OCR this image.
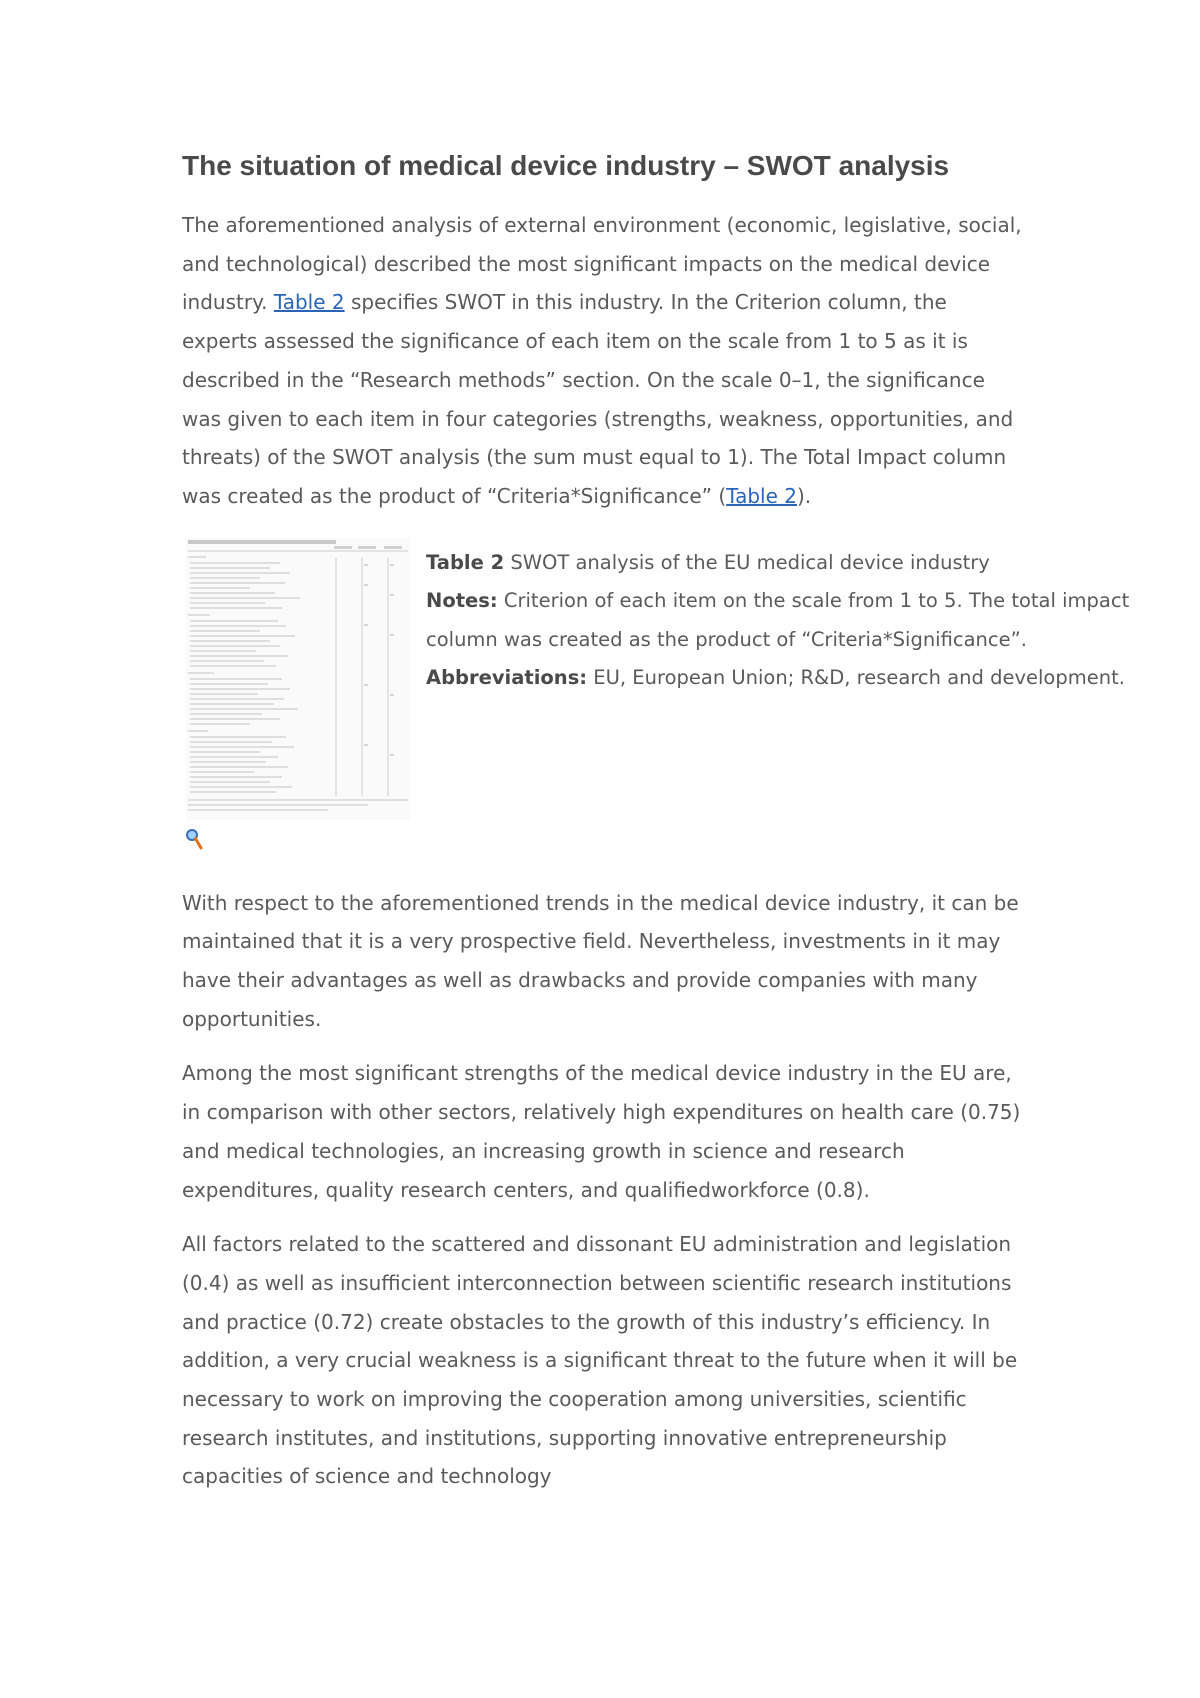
The situation of medical device industry – SWOT analysis

The aforementioned analysis of external environment (economic, legislative, social, and technological) described the most significant impacts on the medical device industry. Table 2 specifies SWOT in this industry. In the Criterion column, the experts assessed the significance of each item on the scale from 1 to 5 as it is described in the “Research methods” section. On the scale 0–1, the significance was given to each item in four categories (strengths, weakness, opportunities, and threats) of the SWOT analysis (the sum must equal to 1). The Total Impact column was created as the product of “Criteria*Significance” (Table 2).

Table 2 SWOT analysis of the EU medical device industry
Notes: Criterion of each item on the scale from 1 to 5. The total impact column was created as the product of “Criteria*Significance”.
Abbreviations: EU, European Union; R&D, research and development.

With respect to the aforementioned trends in the medical device industry, it can be maintained that it is a very prospective field. Nevertheless, investments in it may have their advantages as well as drawbacks and provide companies with many opportunities.

Among the most significant strengths of the medical device industry in the EU are, in comparison with other sectors, relatively high expenditures on health care (0.75) and medical technologies, an increasing growth in science and research expenditures, quality research centers, and qualifiedworkforce (0.8).

All factors related to the scattered and dissonant EU administration and legislation (0.4) as well as insufficient interconnection between scientific research institutions and practice (0.72) create obstacles to the growth of this industry’s efficiency. In addition, a very crucial weakness is a significant threat to the future when it will be necessary to work on improving the cooperation among universities, scientific research institutes, and institutions, supporting innovative entrepreneurship capacities of science and technology
